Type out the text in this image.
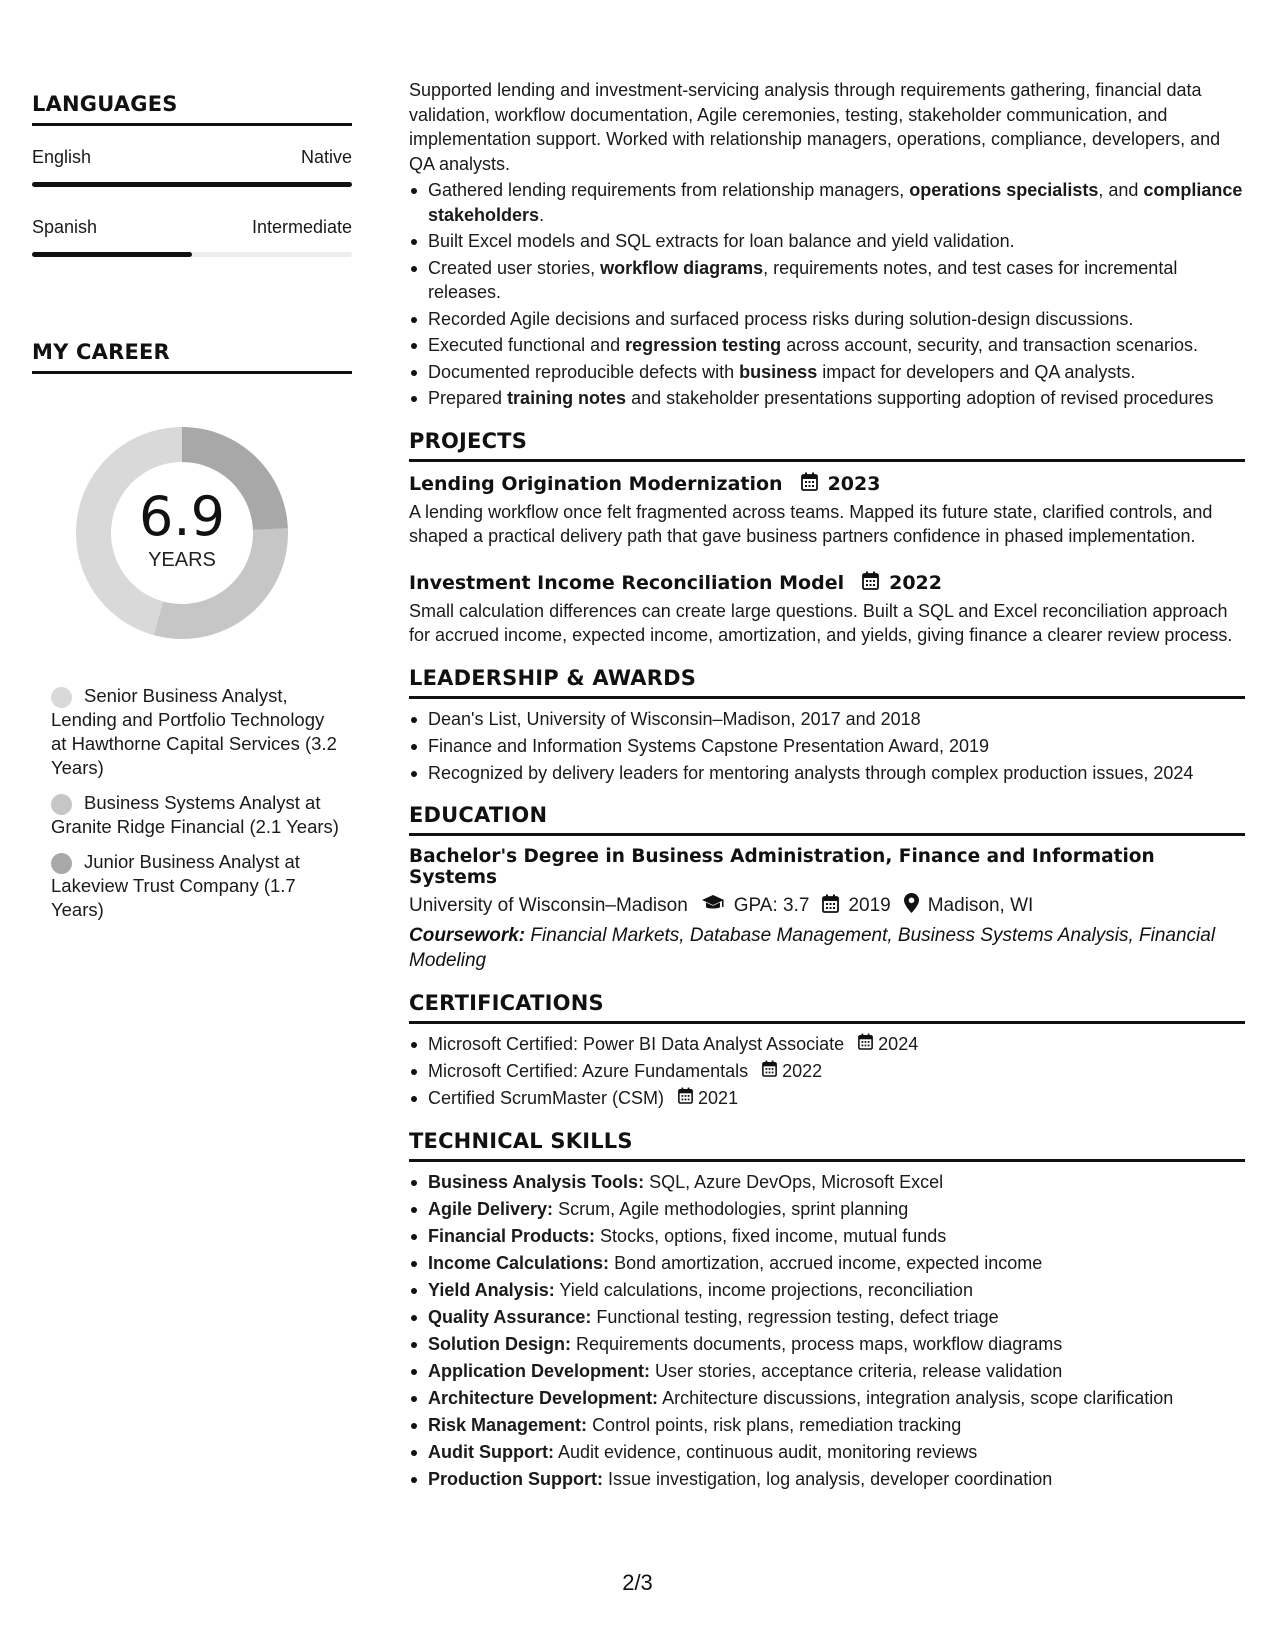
LANGUAGES
English	Native
Spanish	Intermediate
MY CAREER
6.9
YEARS
Senior Business Analyst, Lending and Portfolio Technology at Hawthorne Capital Services (3.2 Years)
Business Systems Analyst at Granite Ridge Financial (2.1 Years)
Junior Business Analyst at Lakeview Trust Company (1.7 Years)

Supported lending and investment-servicing analysis through requirements gathering, financial data validation, workflow documentation, Agile ceremonies, testing, stakeholder communication, and implementation support. Worked with relationship managers, operations, compliance, developers, and QA analysts.

Gathered lending requirements from relationship managers, operations specialists, and compliance stakeholders.
Built Excel models and SQL extracts for loan balance and yield validation.
Created user stories, workflow diagrams, requirements notes, and test cases for incremental releases.
Recorded Agile decisions and surfaced process risks during solution-design discussions.
Executed functional and regression testing across account, security, and transaction scenarios.
Documented reproducible defects with business impact for developers and QA analysts.
Prepared training notes and stakeholder presentations supporting adoption of revised procedures
PROJECTS
Lending Origination Modernization 2023

A lending workflow once felt fragmented across teams. Mapped its future state, clarified controls, and shaped a practical delivery path that gave business partners confidence in phased implementation.

Investment Income Reconciliation Model 2022

Small calculation differences can create large questions. Built a SQL and Excel reconciliation approach for accrued income, expected income, amortization, and yields, giving finance a clearer review process.

LEADERSHIP & AWARDS
Dean's List, University of Wisconsin–Madison, 2017 and 2018
Finance and Information Systems Capstone Presentation Award, 2019
Recognized by delivery leaders for mentoring analysts through complex production issues, 2024
EDUCATION
Bachelor's Degree in Business Administration, Finance and Information Systems
University of Wisconsin–Madison GPA: 3.7 2019 Madison, WI

Coursework: Financial Markets, Database Management, Business Systems Analysis, Financial Modeling

CERTIFICATIONS
Microsoft Certified: Power BI Data Analyst Associate 2024
Microsoft Certified: Azure Fundamentals 2022
Certified ScrumMaster (CSM) 2021
TECHNICAL SKILLS
Business Analysis Tools: SQL, Azure DevOps, Microsoft Excel
Agile Delivery: Scrum, Agile methodologies, sprint planning
Financial Products: Stocks, options, fixed income, mutual funds
Income Calculations: Bond amortization, accrued income, expected income
Yield Analysis: Yield calculations, income projections, reconciliation
Quality Assurance: Functional testing, regression testing, defect triage
Solution Design: Requirements documents, process maps, workflow diagrams
Application Development: User stories, acceptance criteria, release validation
Architecture Development: Architecture discussions, integration analysis, scope clarification
Risk Management: Control points, risk plans, remediation tracking
Audit Support: Audit evidence, continuous audit, monitoring reviews
Production Support: Issue investigation, log analysis, developer coordination
2/3
